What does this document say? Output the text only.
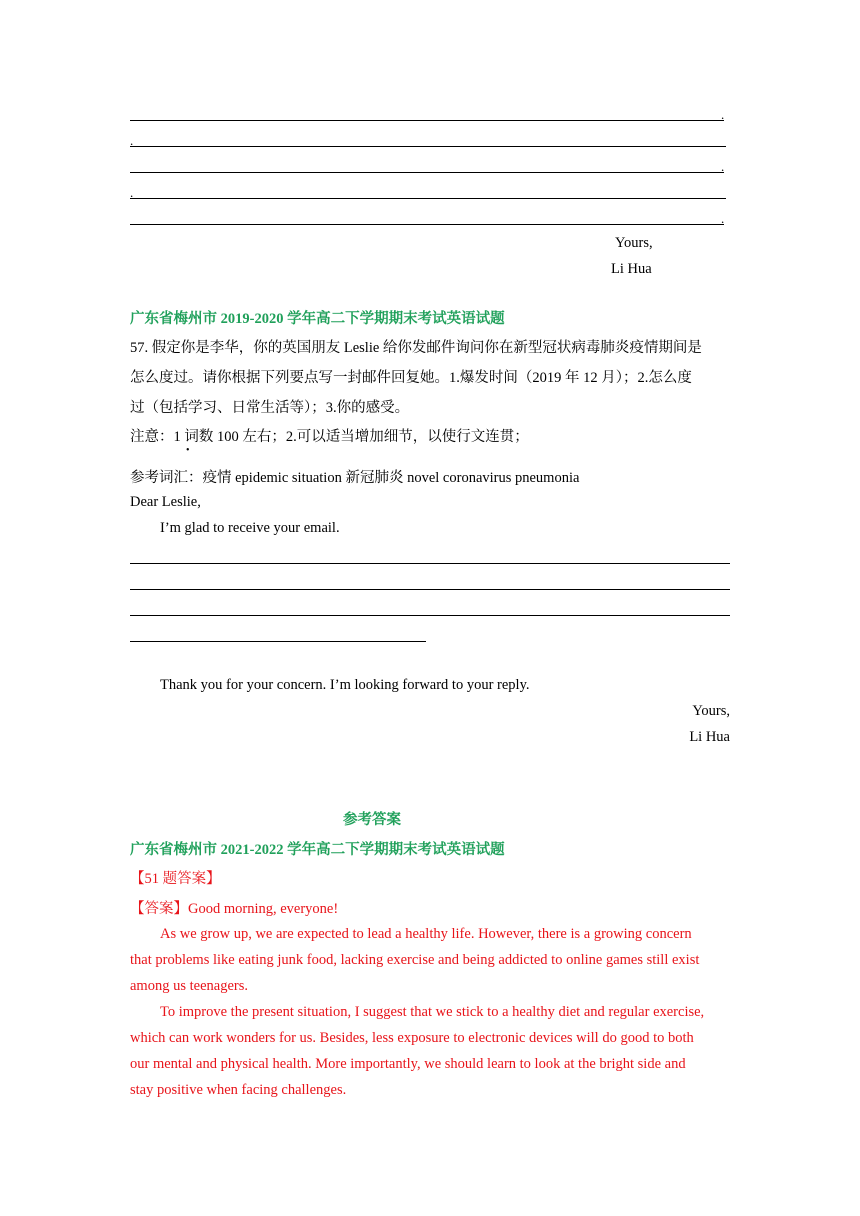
.
.
.
.
.
Yours,
Li Hua
广东省梅州市 2019-2020 学年高二下学期期末考试英语试题
57. 假定你是李华，你的英国朋友 Leslie 给你发邮件询问你在新型冠状病毒肺炎疫情期间是
怎么度过。请你根据下列要点写一封邮件回复她。1.爆发时间（2019 年 12 月）；2.怎么度
过（包括学习、日常生活等）；3.你的感受。
注意：1 词数 100 左右；2.可以适当增加细节，以使行文连贯；
•
参考词汇：疫情 epidemic situation 新冠肺炎 novel coronavirus pneumonia
Dear Leslie,
I’m glad to receive your email.
Thank you for your concern. I’m looking forward to your reply.
Yours,
Li Hua
参考答案
广东省梅州市 2021-2022 学年高二下学期期末考试英语试题
【51 题答案】
【答案】Good morning, everyone!
As we grow up, we are expected to lead a healthy life. However, there is a growing concern
that problems like eating junk food, lacking exercise and being addicted to online games still exist
among us teenagers.
To improve the present situation, I suggest that we stick to a healthy diet and regular exercise,
which can work wonders for us. Besides, less exposure to electronic devices will do good to both
our mental and physical health. More importantly, we should learn to look at the bright side and
stay positive when facing challenges.
